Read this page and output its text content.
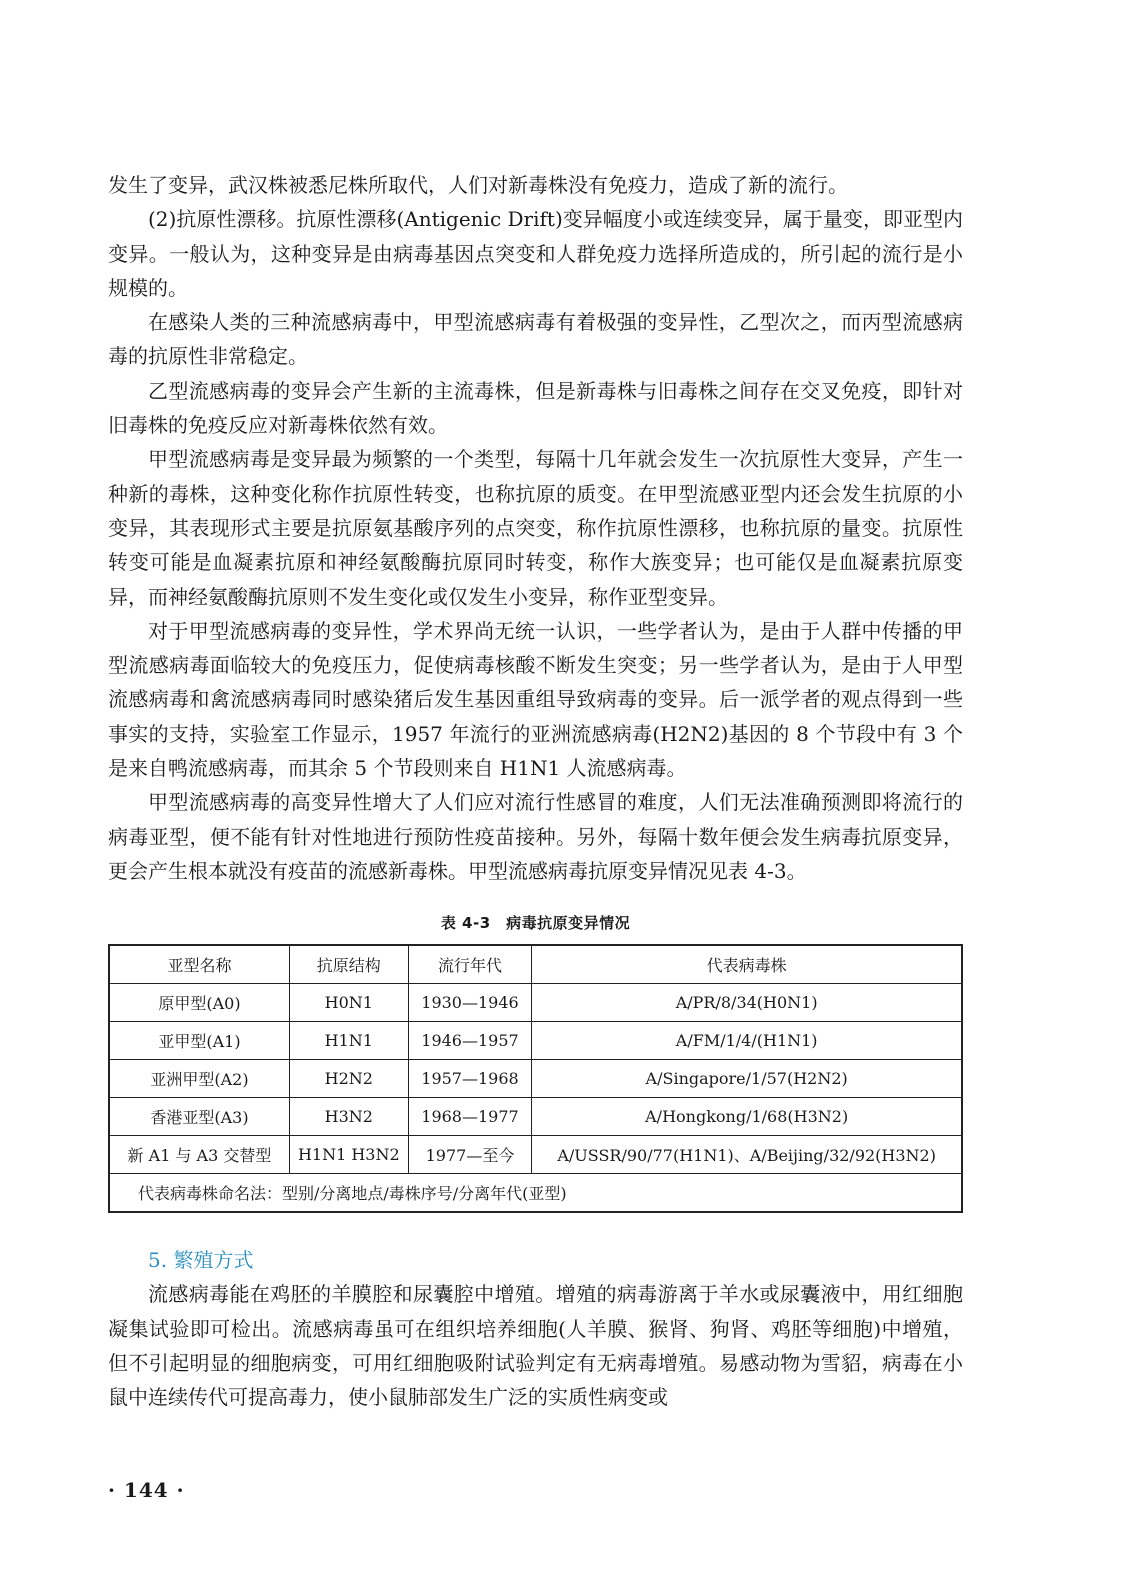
发生了变异，武汉株被悉尼株所取代，人们对新毒株没有免疫力，造成了新的流行。

(2)抗原性漂移。抗原性漂移(Antigenic Drift)变异幅度小或连续变异，属于量变，即亚型内变异。一般认为，这种变异是由病毒基因点突变和人群免疫力选择所造成的，所引起的流行是小规模的。

在感染人类的三种流感病毒中，甲型流感病毒有着极强的变异性，乙型次之，而丙型流感病毒的抗原性非常稳定。

乙型流感病毒的变异会产生新的主流毒株，但是新毒株与旧毒株之间存在交叉免疫，即针对旧毒株的免疫反应对新毒株依然有效。

甲型流感病毒是变异最为频繁的一个类型，每隔十几年就会发生一次抗原性大变异，产生一种新的毒株，这种变化称作抗原性转变，也称抗原的质变。在甲型流感亚型内还会发生抗原的小变异，其表现形式主要是抗原氨基酸序列的点突变，称作抗原性漂移，也称抗原的量变。抗原性转变可能是血凝素抗原和神经氨酸酶抗原同时转变，称作大族变异；也可能仅是血凝素抗原变异，而神经氨酸酶抗原则不发生变化或仅发生小变异，称作亚型变异。

对于甲型流感病毒的变异性，学术界尚无统一认识，一些学者认为，是由于人群中传播的甲型流感病毒面临较大的免疫压力，促使病毒核酸不断发生突变；另一些学者认为，是由于人甲型流感病毒和禽流感病毒同时感染猪后发生基因重组导致病毒的变异。后一派学者的观点得到一些事实的支持，实验室工作显示，1957 年流行的亚洲流感病毒(H2N2)基因的 8 个节段中有 3 个是来自鸭流感病毒，而其余 5 个节段则来自 H1N1 人流感病毒。

甲型流感病毒的高变异性增大了人们应对流行性感冒的难度，人们无法准确预测即将流行的病毒亚型，便不能有针对性地进行预防性疫苗接种。另外，每隔十数年便会发生病毒抗原变异，更会产生根本就没有疫苗的流感新毒株。甲型流感病毒抗原变异情况见表 4-3。

表 4-3　病毒抗原变异情况
亚型名称	抗原结构	流行年代	代表病毒株
原甲型(A0)	H0N1	1930—1946	A/PR/8/34(H0N1)
亚甲型(A1)	H1N1	1946—1957	A/FM/1/4/(H1N1)
亚洲甲型(A2)	H2N2	1957—1968	A/Singapore/1/57(H2N2)
香港亚型(A3)	H3N2	1968—1977	A/Hongkong/1/68(H3N2)
新 A1 与 A3 交替型	H1N1 H3N2	1977—至今	A/USSR/90/77(H1N1)、A/Beijing/32/92(H3N2)
代表病毒株命名法：型别/分离地点/毒株序号/分离年代(亚型)			
5. 繁殖方式

流感病毒能在鸡胚的羊膜腔和尿囊腔中增殖。增殖的病毒游离于羊水或尿囊液中，用红细胞凝集试验即可检出。流感病毒虽可在组织培养细胞(人羊膜、猴肾、狗肾、鸡胚等细胞)中增殖，但不引起明显的细胞病变，可用红细胞吸附试验判定有无病毒增殖。易感动物为雪貂，病毒在小鼠中连续传代可提高毒力，使小鼠肺部发生广泛的实质性病变或

· 144 ·
